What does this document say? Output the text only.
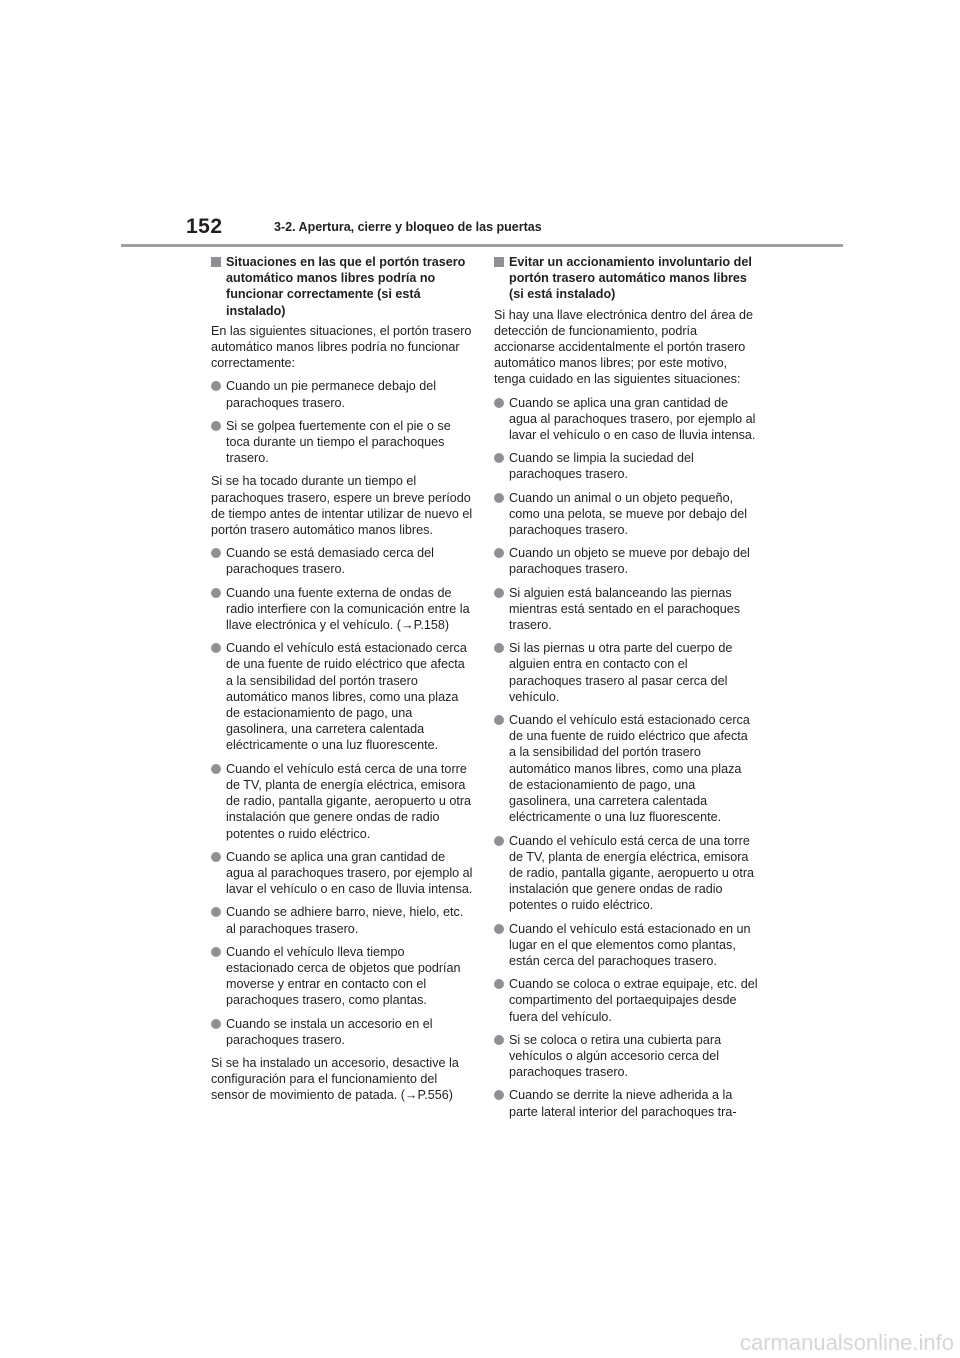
152	3-2. Apertura, cierre y bloqueo de las puertas
Situaciones en las que el portón trasero automático manos libres podría no funcionar correctamente (si está instalado)

En las siguientes situaciones, el portón trasero automático manos libres podría no funcionar correctamente:

Cuando un pie permanece debajo del parachoques trasero.
Si se golpea fuertemente con el pie o se toca durante un tiempo el parachoques trasero.
Si se ha tocado durante un tiempo el parachoques trasero, espere un breve período de tiempo antes de intentar utilizar de nuevo el portón trasero automático manos libres.
Cuando se está demasiado cerca del parachoques trasero.
Cuando una fuente externa de ondas de radio interfiere con la comunicación entre la llave electrónica y el vehículo. (→P.158)
Cuando el vehículo está estacionado cerca de una fuente de ruido eléctrico que afecta a la sensibilidad del portón trasero automático manos libres, como una plaza de estacionamiento de pago, una gasolinera, una carretera calentada eléctricamente o una luz fluorescente.
Cuando el vehículo está cerca de una torre de TV, planta de energía eléctrica, emisora de radio, pantalla gigante, aeropuerto u otra instalación que genere ondas de radio potentes o ruido eléctrico.
Cuando se aplica una gran cantidad de agua al parachoques trasero, por ejemplo al lavar el vehículo o en caso de lluvia intensa.
Cuando se adhiere barro, nieve, hielo, etc. al parachoques trasero.
Cuando el vehículo lleva tiempo estacionado cerca de objetos que podrían moverse y entrar en contacto con el parachoques trasero, como plantas.
Cuando se instala un accesorio en el parachoques trasero.
Si se ha instalado un accesorio, desactive la configuración para el funcionamiento del sensor de movimiento de patada. (→P.556)
Evitar un accionamiento involuntario del portón trasero automático manos libres (si está instalado)

Si hay una llave electrónica dentro del área de detección de funcionamiento, podría accionarse accidentalmente el portón trasero automático manos libres; por este motivo, tenga cuidado en las siguientes situaciones:

Cuando se aplica una gran cantidad de agua al parachoques trasero, por ejemplo al lavar el vehículo o en caso de lluvia intensa.
Cuando se limpia la suciedad del parachoques trasero.
Cuando un animal o un objeto pequeño, como una pelota, se mueve por debajo del parachoques trasero.
Cuando un objeto se mueve por debajo del parachoques trasero.
Si alguien está balanceando las piernas mientras está sentado en el parachoques trasero.
Si las piernas u otra parte del cuerpo de alguien entra en contacto con el parachoques trasero al pasar cerca del vehículo.
Cuando el vehículo está estacionado cerca de una fuente de ruido eléctrico que afecta a la sensibilidad del portón trasero automático manos libres, como una plaza de estacionamiento de pago, una gasolinera, una carretera calentada eléctricamente o una luz fluorescente.
Cuando el vehículo está cerca de una torre de TV, planta de energía eléctrica, emisora de radio, pantalla gigante, aeropuerto u otra instalación que genere ondas de radio potentes o ruido eléctrico.
Cuando el vehículo está estacionado en un lugar en el que elementos como plantas, están cerca del parachoques trasero.
Cuando se coloca o extrae equipaje, etc. del compartimento del portaequipajes desde fuera del vehículo.
Si se coloca o retira una cubierta para vehículos o algún accesorio cerca del parachoques trasero.
Cuando se derrite la nieve adherida a la parte lateral interior del parachoques tra-
carmanualsonline.info
